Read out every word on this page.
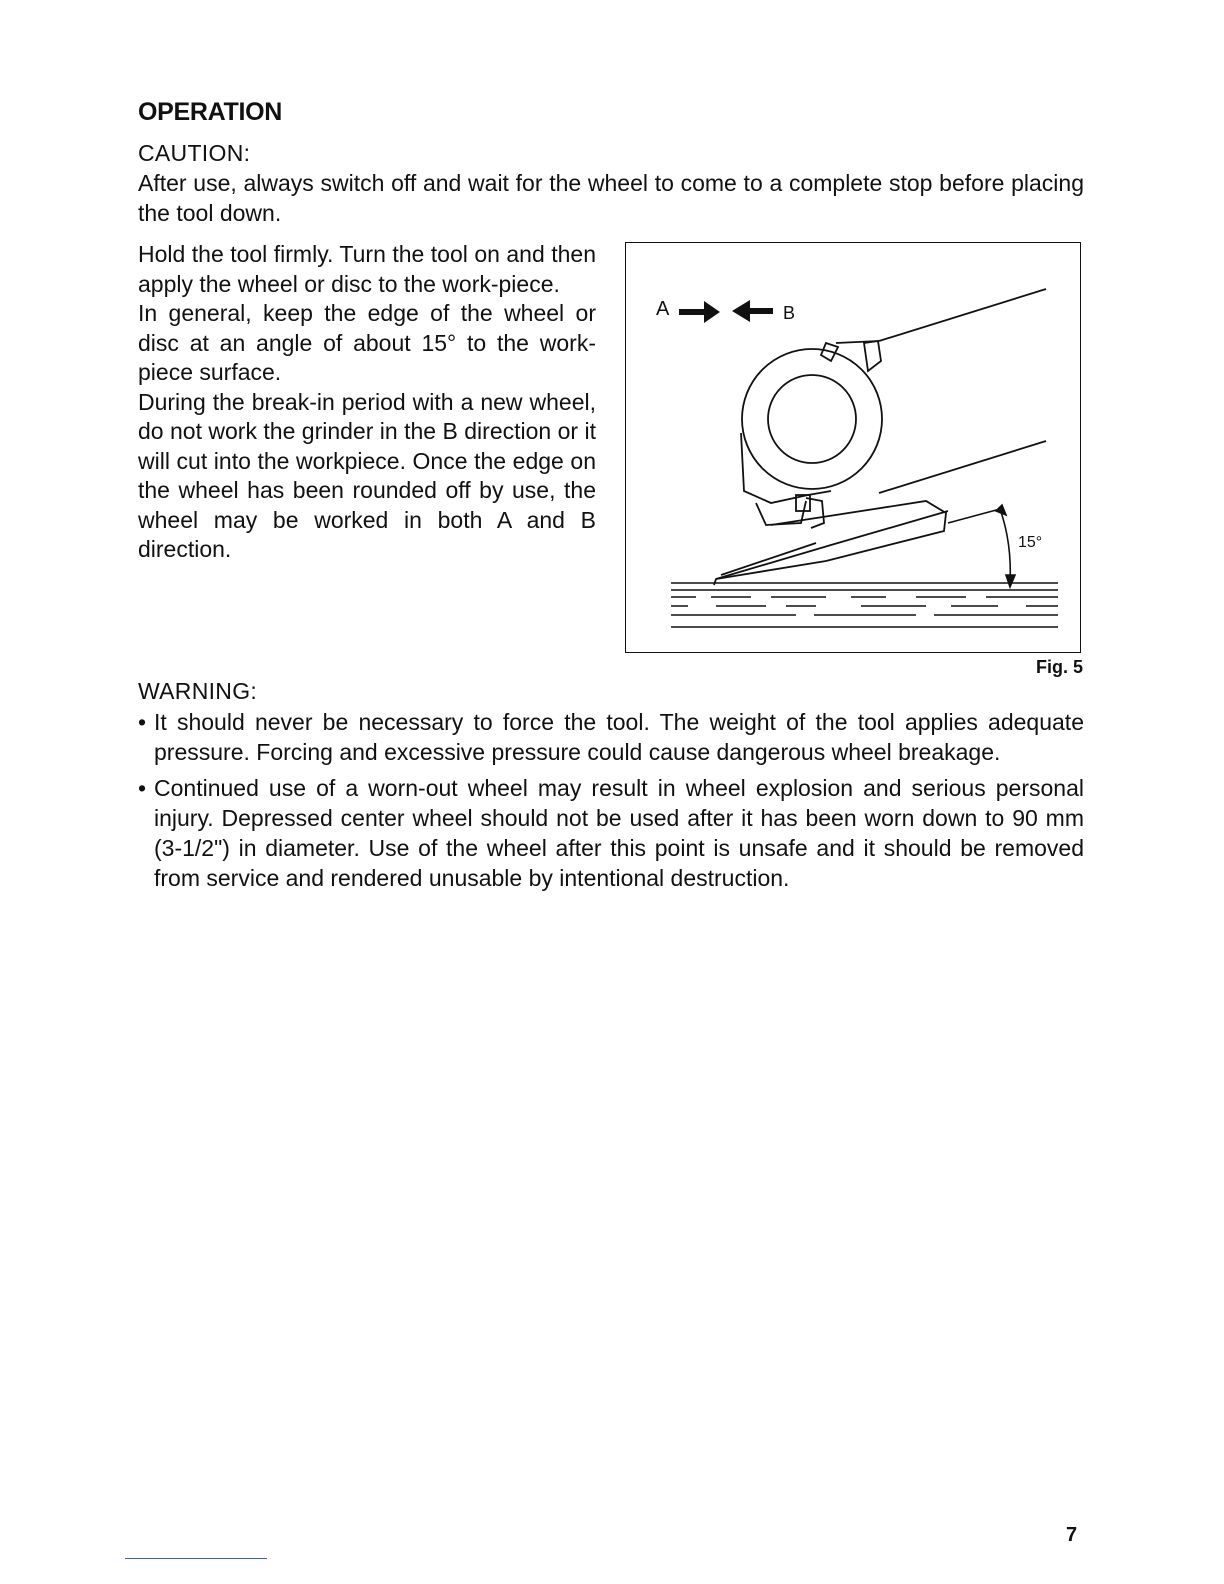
OPERATION
CAUTION:
After use, always switch off and wait for the wheel to come to a complete stop before placing the tool down.

Hold the tool firmly. Turn the tool on and then apply the wheel or disc to the work-piece.

In general, keep the edge of the wheel or disc at an angle of about 15° to the work-piece surface.

During the break-in period with a new wheel, do not work the grinder in the B direction or it will cut into the workpiece. Once the edge on the wheel has been rounded off by use, the wheel may be worked in both A and B direction.

A	B
15°
Fig. 5
WARNING:
• It should never be necessary to force the tool. The weight of the tool applies adequate pressure. Forcing and excessive pressure could cause dangerous wheel breakage.
• Continued use of a worn-out wheel may result in wheel explosion and serious personal injury. Depressed center wheel should not be used after it has been worn down to 90 mm (3-1/2") in diameter. Use of the wheel after this point is unsafe and it should be removed from service and rendered unusable by intentional destruction.
7
